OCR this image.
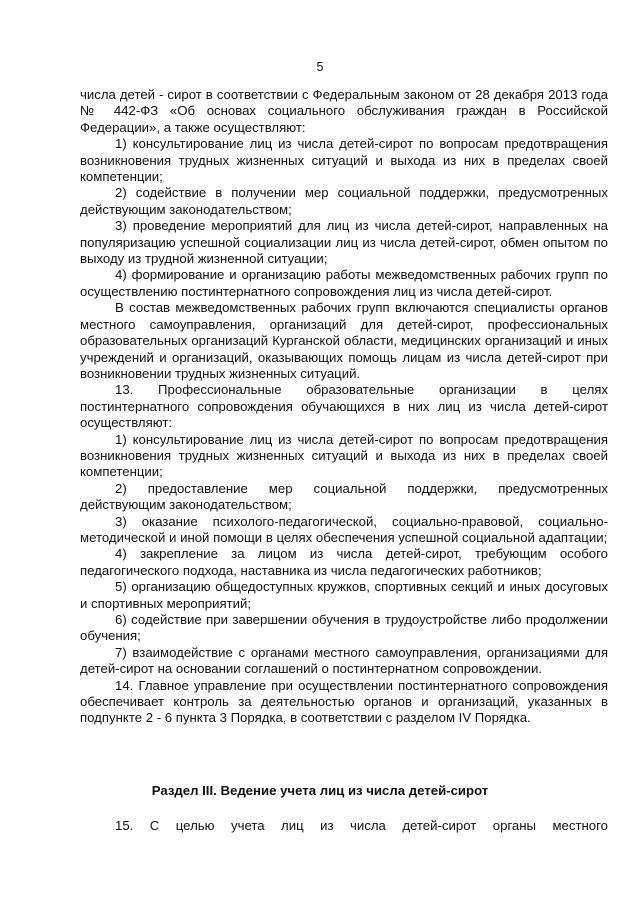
5

числа детей - сирот в соответствии с Федеральным законом от 28 декабря 2013 года № 442-ФЗ «Об основах социального обслуживания граждан в Российской Федерации», а также осуществляют:

1) консультирование лиц из числа детей-сирот по вопросам предотвращения возникновения трудных жизненных ситуаций и выхода из них в пределах своей компетенции;

2) содействие в получении мер социальной поддержки, предусмотренных действующим законодательством;

3) проведение мероприятий для лиц из числа детей-сирот, направленных на популяризацию успешной социализации лиц из числа детей-сирот, обмен опытом по выходу из трудной жизненной ситуации;

4) формирование и организацию работы межведомственных рабочих групп по осуществлению постинтернатного сопровождения лиц из числа детей-сирот.

В состав межведомственных рабочих групп включаются специалисты органов местного самоуправления, организаций для детей-сирот, профессиональных образовательных организаций Курганской области, медицинских организаций и иных учреждений и организаций, оказывающих помощь лицам из числа детей-сирот при возникновении трудных жизненных ситуаций.

13. Профессиональные образовательные организации в целях постинтернатного сопровождения обучающихся в них лиц из числа детей-сирот осуществляют:

1) консультирование лиц из числа детей-сирот по вопросам предотвращения возникновения трудных жизненных ситуаций и выхода из них в пределах своей компетенции;

2) предоставление мер социальной поддержки, предусмотренных действующим законодательством;

3) оказание психолого-педагогической, социально-правовой, социально-методической и иной помощи в целях обеспечения успешной социальной адаптации;

4) закрепление за лицом из числа детей-сирот, требующим особого педагогического подхода, наставника из числа педагогических работников;

5) организацию общедоступных кружков, спортивных секций и иных досуговых и спортивных мероприятий;

6) содействие при завершении обучения в трудоустройстве либо продолжении обучения;

7) взаимодействие с органами местного самоуправления, организациями для детей-сирот на основании соглашений о постинтернатном сопровождении.

14. Главное управление при осуществлении постинтернатного сопровождения обеспечивает контроль за деятельностью органов и организаций, указанных в подпункте 2 - 6 пункта 3 Порядка, в соответствии с разделом IV Порядка.

Раздел III. Ведение учета лиц из числа детей-сирот
15. С целью учета лиц из числа детей-сирот органы местного
